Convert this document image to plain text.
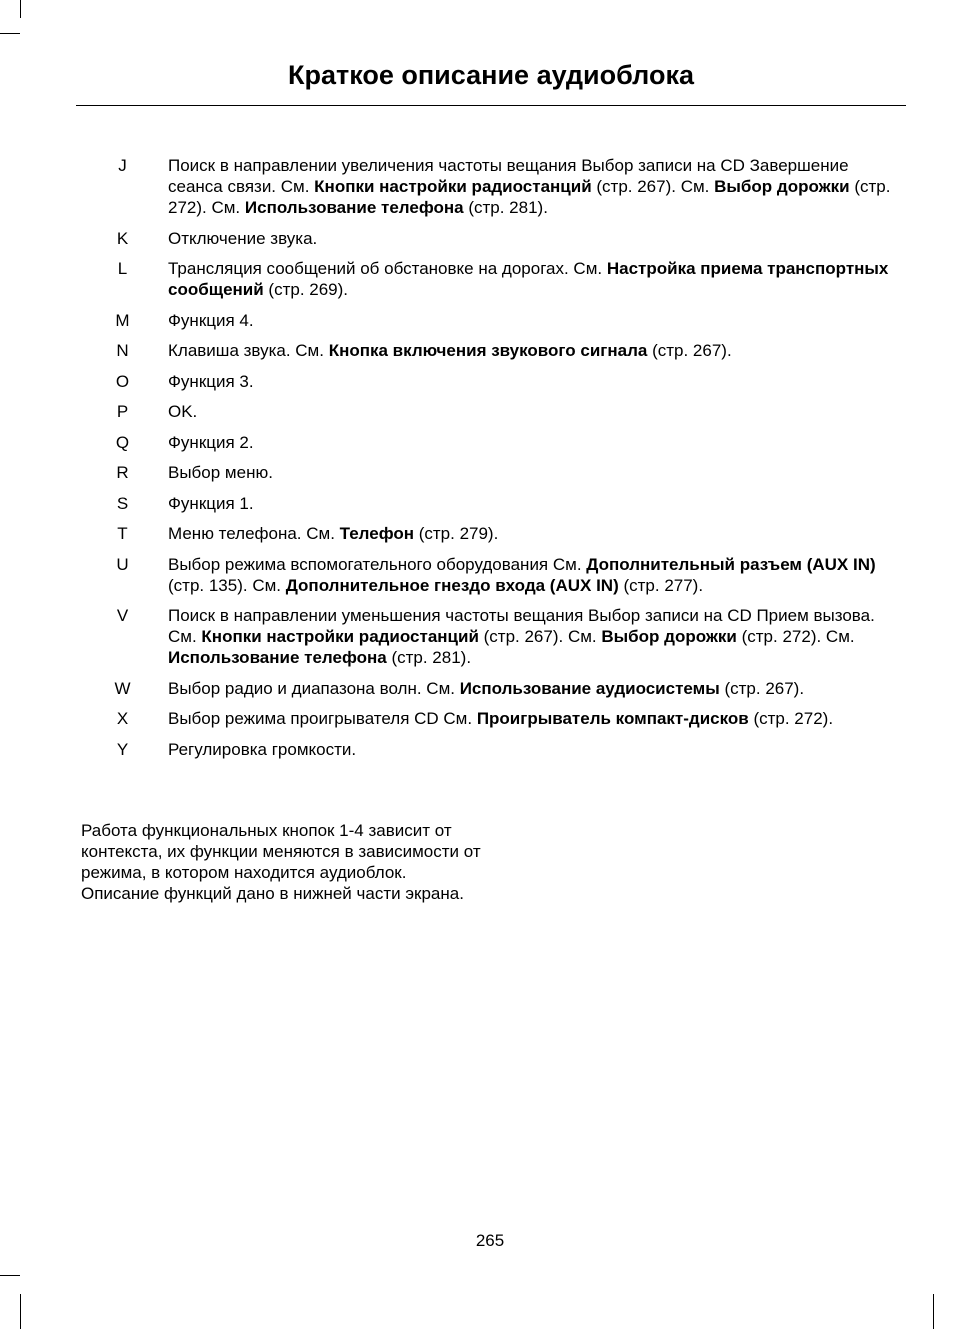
Краткое описание аудиоблока
J	Поиск в направлении увеличения частоты вещания Выбор записи на CD Завершение сеанса связи. См. Кнопки настройки радиостанций (стр. 267). См. Выбор дорожки (стр. 272). См. Использование телефона (стр. 281).
K	Отключение звука.
L	Трансляция сообщений об обстановке на дорогах. См. Настройка приема транспортных сообщений (стр. 269).
M	Функция 4.
N	Клавиша звука. См. Кнопка включения звукового сигнала (стр. 267).
O	Функция 3.
P	OK.
Q	Функция 2.
R	Выбор меню.
S	Функция 1.
T	Меню телефона. См. Телефон (стр. 279).
U	Выбор режима вспомогательного оборудования См. Дополнительный разъем (AUX IN) (стр. 135). См. Дополнительное гнездо входа (AUX IN) (стр. 277).
V	Поиск в направлении уменьшения частоты вещания Выбор записи на CD Прием вызова. См. Кнопки настройки радиостанций (стр. 267). См. Выбор дорожки (стр. 272). См. Использование телефона (стр. 281).
W	Выбор радио и диапазона волн. См. Использование аудиосистемы (стр. 267).
X	Выбор режима проигрывателя CD См. Проигрыватель компакт-дисков (стр. 272).
Y	Регулировка громкости.
Работа функциональных кнопок 1-4 зависит от контекста, их функции меняются в зависимости от режима, в котором находится аудиоблок. Описание функций дано в нижней части экрана.
265
